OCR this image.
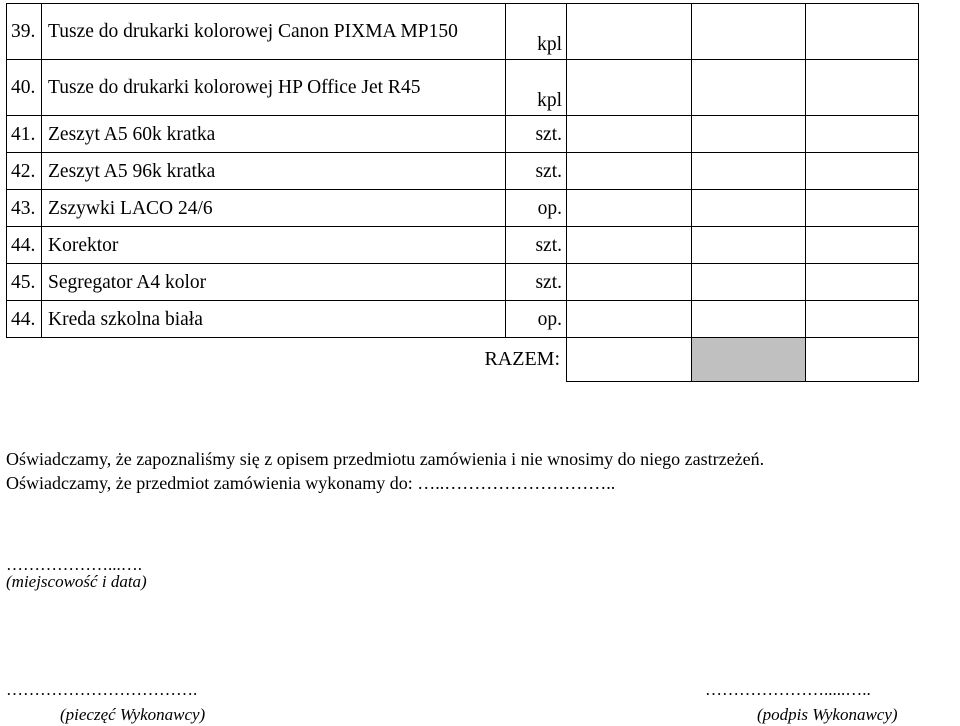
39.	Tusze do drukarki kolorowej Canon PIXMA MP150	kpl			
40.	Tusze do drukarki kolorowej HP Office Jet R45	kpl			
41.	Zeszyt A5 60k kratka	szt.			
42.	Zeszyt A5 96k kratka	szt.			
43.	Zszywki LACO 24/6	op.			
44.	Korektor	szt.			
45.	Segregator A4 kolor	szt.			
44.	Kreda szkolna biała	op.			
	RAZEM:				
Oświadczamy, że zapoznaliśmy się z opisem przedmiotu zamówienia i nie wnosimy do niego zastrzeżeń.
Oświadczamy, że przedmiot zamówienia wykonamy do: …..………………………..
………………...….
(miejscowość i data)
…………………………….
(pieczęć Wykonawcy)
………………….....…..
(podpis Wykonawcy)
